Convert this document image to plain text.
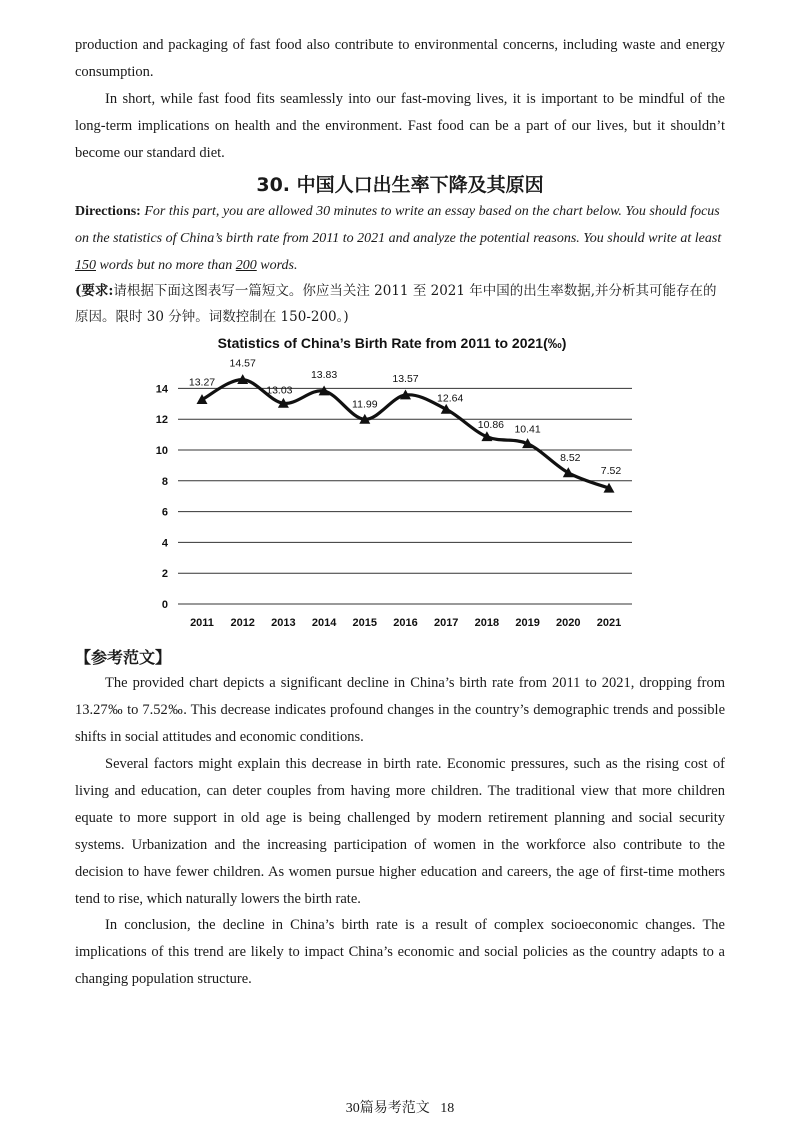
production and packaging of fast food also contribute to environmental concerns, including waste and energy consumption.

In short, while fast food fits seamlessly into our fast-moving lives, it is important to be mindful of the long-term implications on health and the environment. Fast food can be a part of our lives, but it shouldn’t become our standard diet.

30. 中国人口出生率下降及其原因

Directions: For this part, you are allowed 30 minutes to write an essay based on the chart below. You should focus on the statistics of China’s birth rate from 2011 to 2021 and analyze the potential reasons. You should write at least 150 words but no more than 200 words.

(要求:请根据下面这图表写一篇短文。你应当关注 2011 至 2021 年中国的出生率数据,并分析其可能存在的原因。限时 30 分钟。词数控制在 150-200。)

Statistics of China’s Birth Rate from 2011 to 2021(‰)
0
2
4
6
8
10
12
14
2011 2012 2013 2014 2015 2016 2017 2018 2019 2020 2021
13.27
14.57
13.03
13.83
11.99
13.57
12.64
10.86 10.41
8.52
7.52
【参考范文】

The provided chart depicts a significant decline in China’s birth rate from 2011 to 2021, dropping from 13.27‰ to 7.52‰. This decrease indicates profound changes in the country’s demographic trends and possible shifts in social attitudes and economic conditions.

Several factors might explain this decrease in birth rate. Economic pressures, such as the rising cost of living and education, can deter couples from having more children. The traditional view that more children equate to more support in old age is being challenged by modern retirement planning and social security systems. Urbanization and the increasing participation of women in the workforce also contribute to the decision to have fewer children. As women pursue higher education and careers, the age of first-time mothers tend to rise, which naturally lowers the birth rate.

In conclusion, the decline in China’s birth rate is a result of complex socioeconomic changes. The implications of this trend are likely to impact China’s economic and social policies as the country adapts to a changing population structure.

30篇易考范文 18
